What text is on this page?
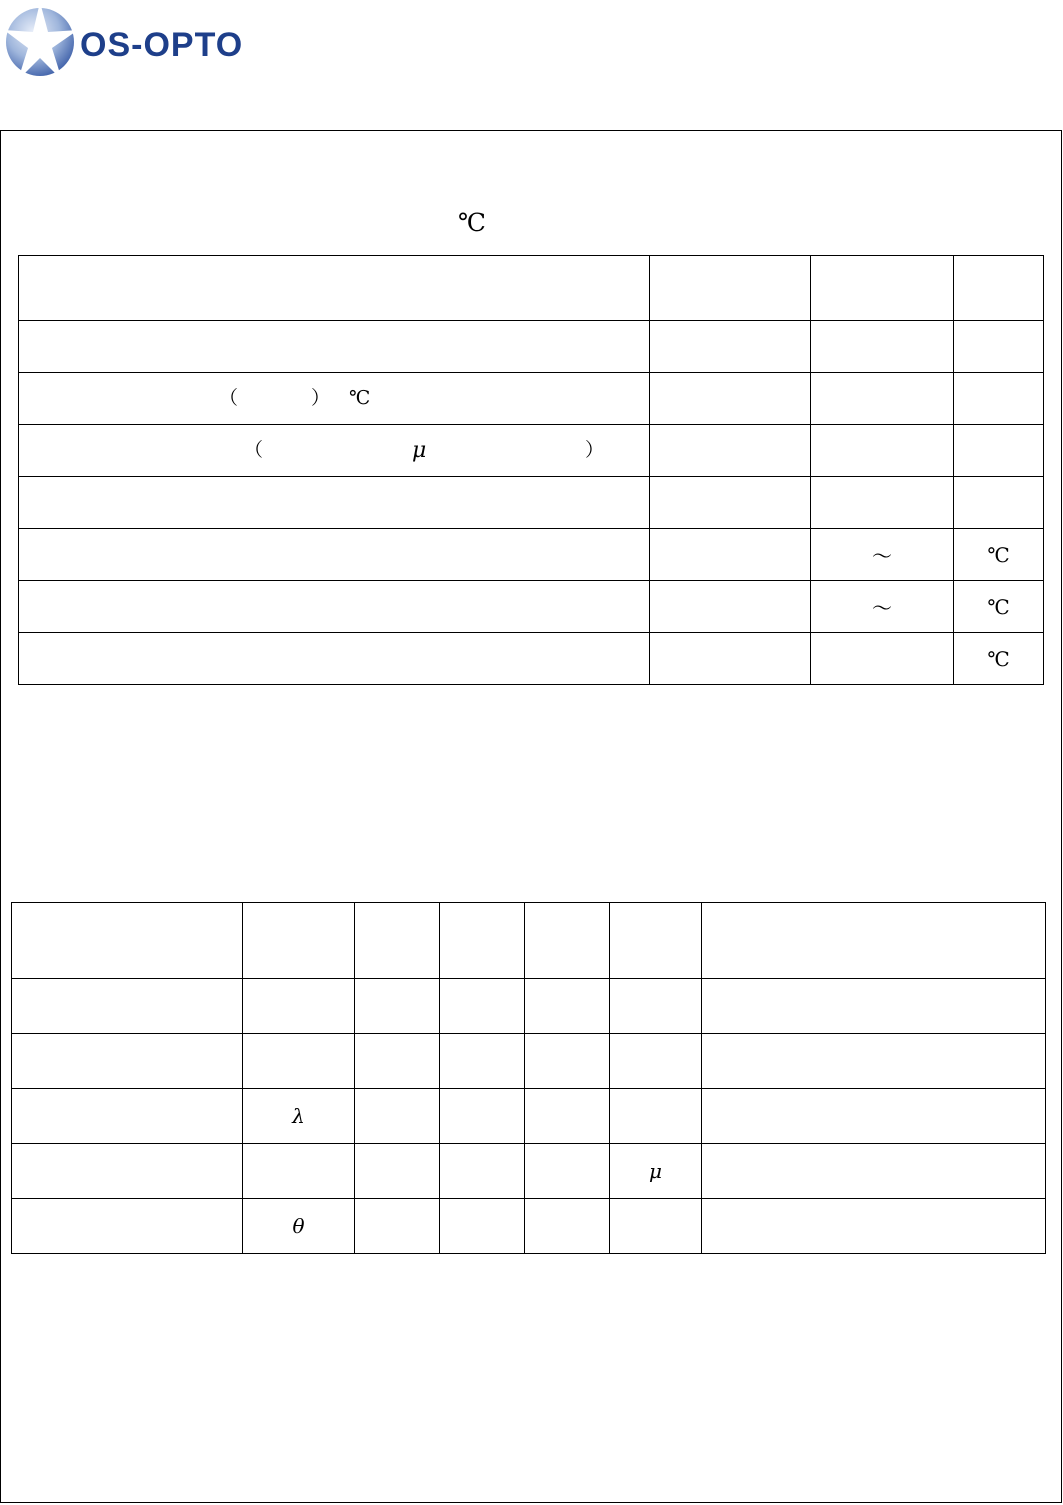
OS-OPTO
℃

（ ） ℃			

（ μ ）			

		～	℃
		～	℃
			℃

	λ					
					μ	
	θ					
